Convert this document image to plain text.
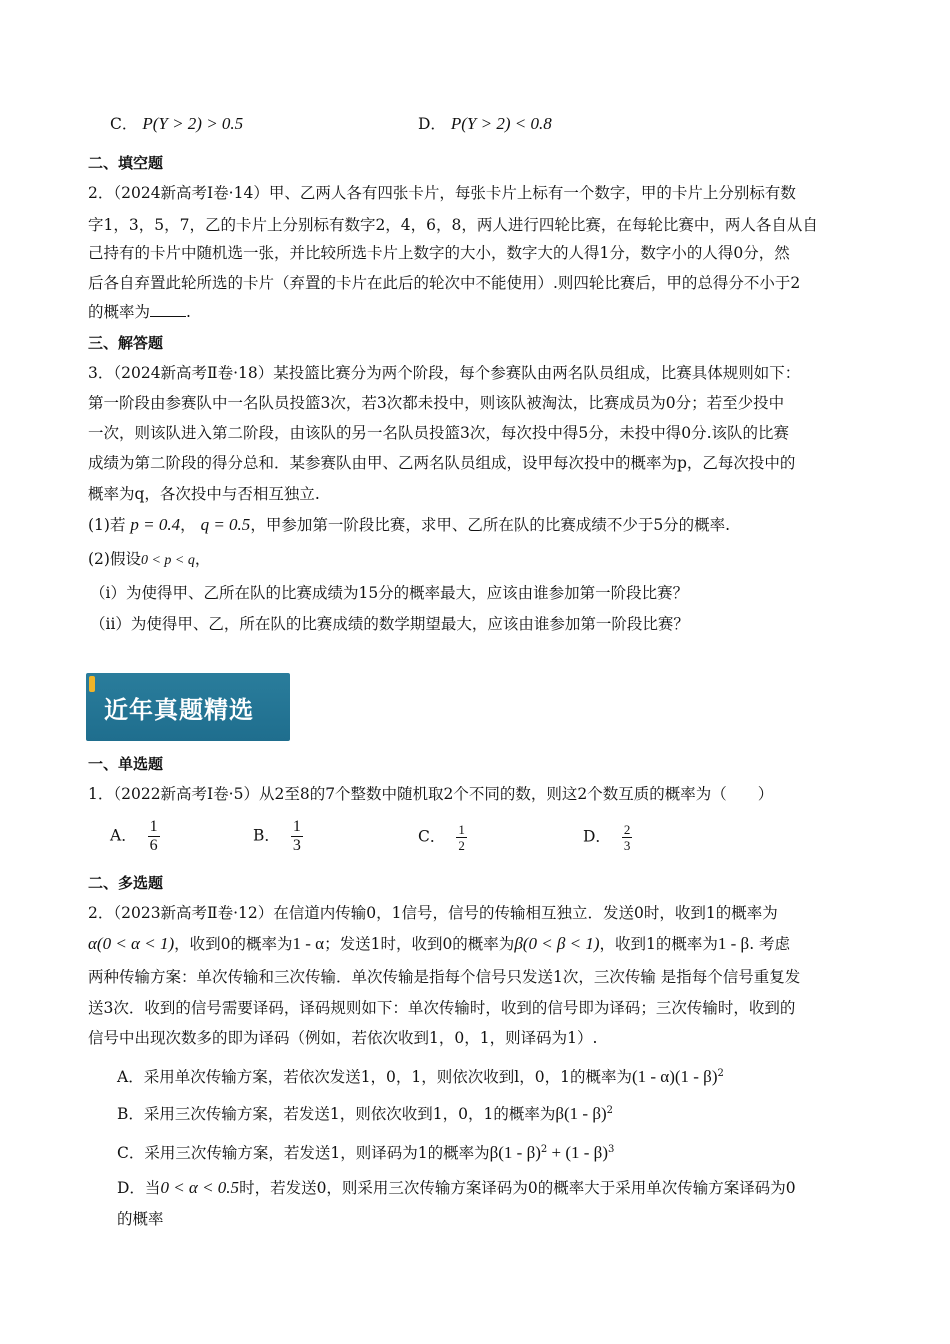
C． P(Y > 2) > 0.5	D． P(Y > 2) < 0.8
二、填空题
2．（2024新高考Ⅰ卷·14）甲、乙两人各有四张卡片，每张卡片上标有一个数字，甲的卡片上分别标有数
字1，3，5，7，乙的卡片上分别标有数字2，4，6，8，两人进行四轮比赛，在每轮比赛中，两人各自从自
己持有的卡片中随机选一张，并比较所选卡片上数字的大小，数字大的人得1分，数字小的人得0分，然
后各自弃置此轮所选的卡片（弃置的卡片在此后的轮次中不能使用）.则四轮比赛后，甲的总得分不小于2
的概率为 .
三、解答题
3．（2024新高考Ⅱ卷·18）某投篮比赛分为两个阶段，每个参赛队由两名队员组成，比赛具体规则如下：
第一阶段由参赛队中一名队员投篮3次，若3次都未投中，则该队被淘汰，比赛成员为0分；若至少投中
一次，则该队进入第二阶段，由该队的另一名队员投篮3次，每次投中得5分，未投中得0分.该队的比赛
成绩为第二阶段的得分总和．某参赛队由甲、乙两名队员组成，设甲每次投中的概率为p，乙每次投中的
概率为q，各次投中与否相互独立.
(1)若 p = 0.4， q = 0.5，甲参加第一阶段比赛，求甲、乙所在队的比赛成绩不少于5分的概率.
(2)假设0 < p < q，
（i）为使得甲、乙所在队的比赛成绩为15分的概率最大，应该由谁参加第一阶段比赛？
（ii）为使得甲、乙，所在队的比赛成绩的数学期望最大，应该由谁参加第一阶段比赛？
近年真题精选
一、单选题
1．（2022新高考Ⅰ卷·5）从2至8的7个整数中随机取2个不同的数，则这2个数互质的概率为（　　）
A． $\frac{1}{6}$	B． $\frac{1}{3}$	C． $\frac{1}{2}$	D． $\frac{2}{3}$
二、多选题
2．（2023新高考Ⅱ卷·12）在信道内传输0，1信号，信号的传输相互独立．发送0时，收到1的概率为
α(0 < α < 1)，收到0的概率为1 - α；发送1时，收到0的概率为β(0 < β < 1)，收到1的概率为1 - β. 考虑
两种传输方案：单次传输和三次传输．单次传输是指每个信号只发送1次，三次传输 是指每个信号重复发
送3次．收到的信号需要译码，译码规则如下：单次传输时，收到的信号即为译码；三次传输时，收到的
信号中出现次数多的即为译码（例如，若依次收到1，0，1，则译码为1）.
A．采用单次传输方案，若依次发送1，0，1，则依次收到l，0，1的概率为(1 - α)(1 - β)$^2$
B．采用三次传输方案，若发送1，则依次收到1，0，1的概率为β(1 - β)$^2$
C．采用三次传输方案，若发送1，则译码为1的概率为β(1 - β)$^2$ + (1 - β)$^3$
D．当0 < α < 0.5时，若发送0，则采用三次传输方案译码为0的概率大于采用单次传输方案译码为0
的概率
